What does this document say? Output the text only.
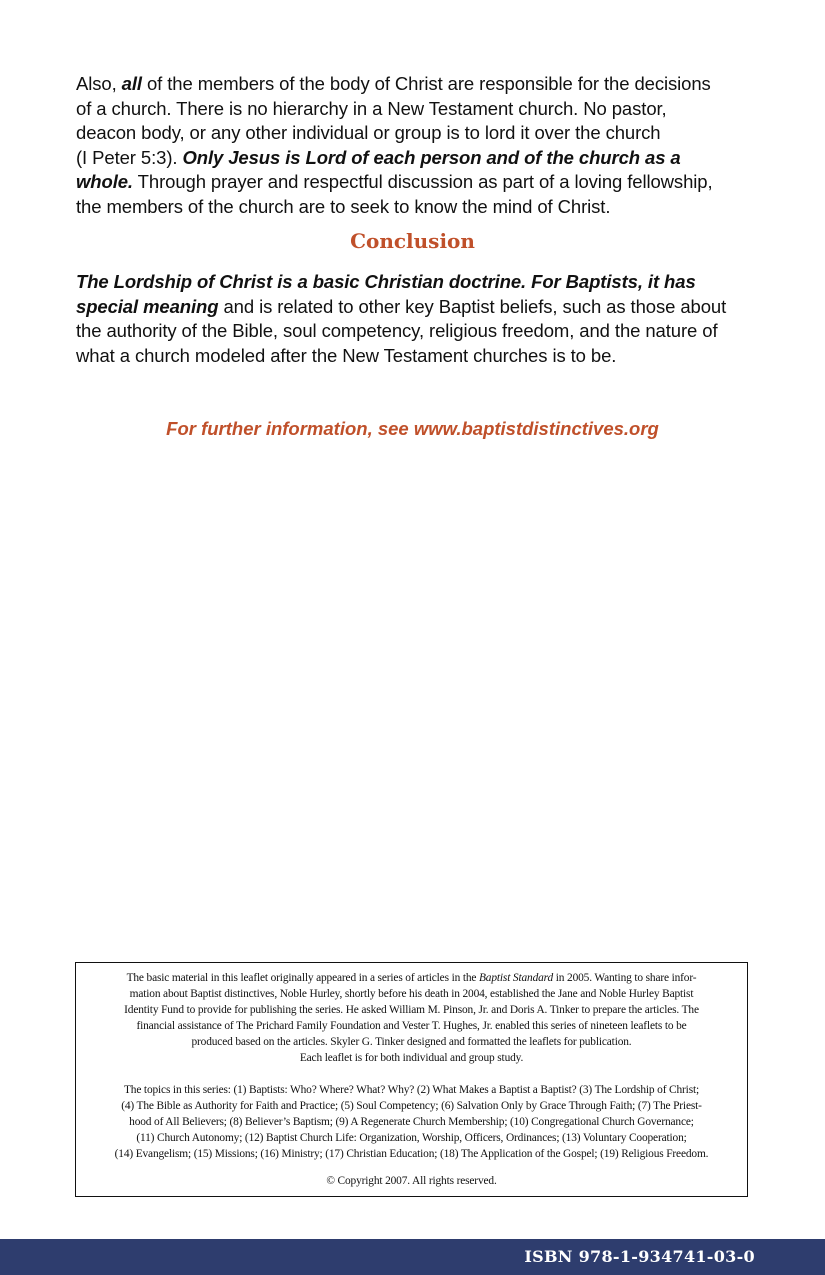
Also, all of the members of the body of Christ are responsible for the decisions
of a church. There is no hierarchy in a New Testament church. No pastor,
deacon body, or any other individual or group is to lord it over the church
(I Peter 5:3). Only Jesus is Lord of each person and of the church as a
whole. Through prayer and respectful discussion as part of a loving fellowship,
the members of the church are to seek to know the mind of Christ.
Conclusion
The Lordship of Christ is a basic Christian doctrine. For Baptists, it has
special meaning and is related to other key Baptist beliefs, such as those about
the authority of the Bible, soul competency, religious freedom, and the nature of
what a church modeled after the New Testament churches is to be.
For further information, see www.baptistdistinctives.org
The basic material in this leaflet originally appeared in a series of articles in the Baptist Standard in 2005. Wanting to share infor-
mation about Baptist distinctives, Noble Hurley, shortly before his death in 2004, established the Jane and Noble Hurley Baptist
Identity Fund to provide for publishing the series. He asked William M. Pinson, Jr. and Doris A. Tinker to prepare the articles. The
financial assistance of The Prichard Family Foundation and Vester T. Hughes, Jr. enabled this series of nineteen leaflets to be
produced based on the articles. Skyler G. Tinker designed and formatted the leaflets for publication.
Each leaflet is for both individual and group study.
The topics in this series: (1) Baptists: Who? Where? What? Why? (2) What Makes a Baptist a Baptist? (3) The Lordship of Christ;
(4) The Bible as Authority for Faith and Practice; (5) Soul Competency; (6) Salvation Only by Grace Through Faith; (7) The Priest-
hood of All Believers; (8) Believer’s Baptism; (9) A Regenerate Church Membership; (10) Congregational Church Governance;
(11) Church Autonomy; (12) Baptist Church Life: Organization, Worship, Officers, Ordinances; (13) Voluntary Cooperation;
(14) Evangelism; (15) Missions; (16) Ministry; (17) Christian Education; (18) The Application of the Gospel; (19) Religious Freedom.
© Copyright 2007. All rights reserved.
ISBN 978-1-934741-03-0
